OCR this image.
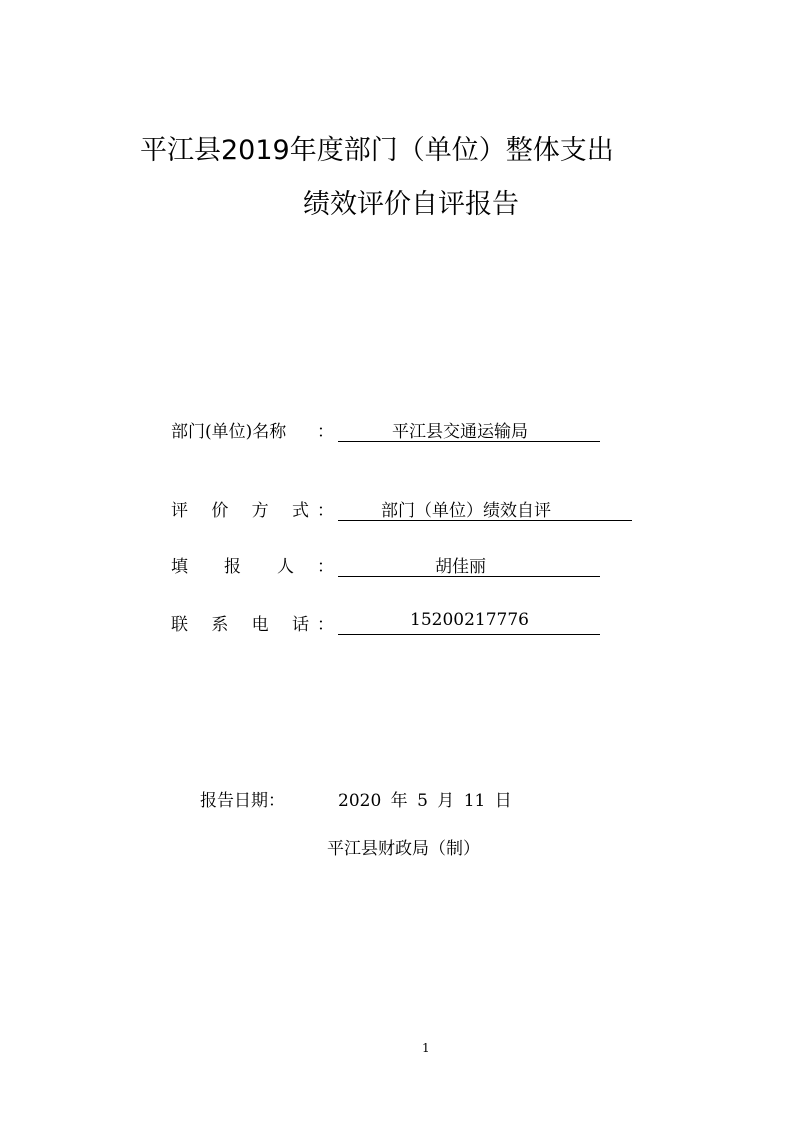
平江县2019年度部门（单位）整体支出
绩效评价自评报告
部门(单位)名称 ：	平江县交通运输局
评 价 方 式 ：	部门（单位）绩效自评
填 报 人 ：	胡佳丽
联 系 电 话 ：	15200217776
报告日期：	2020 年 5 月 11 日
平江县财政局（制）
1
